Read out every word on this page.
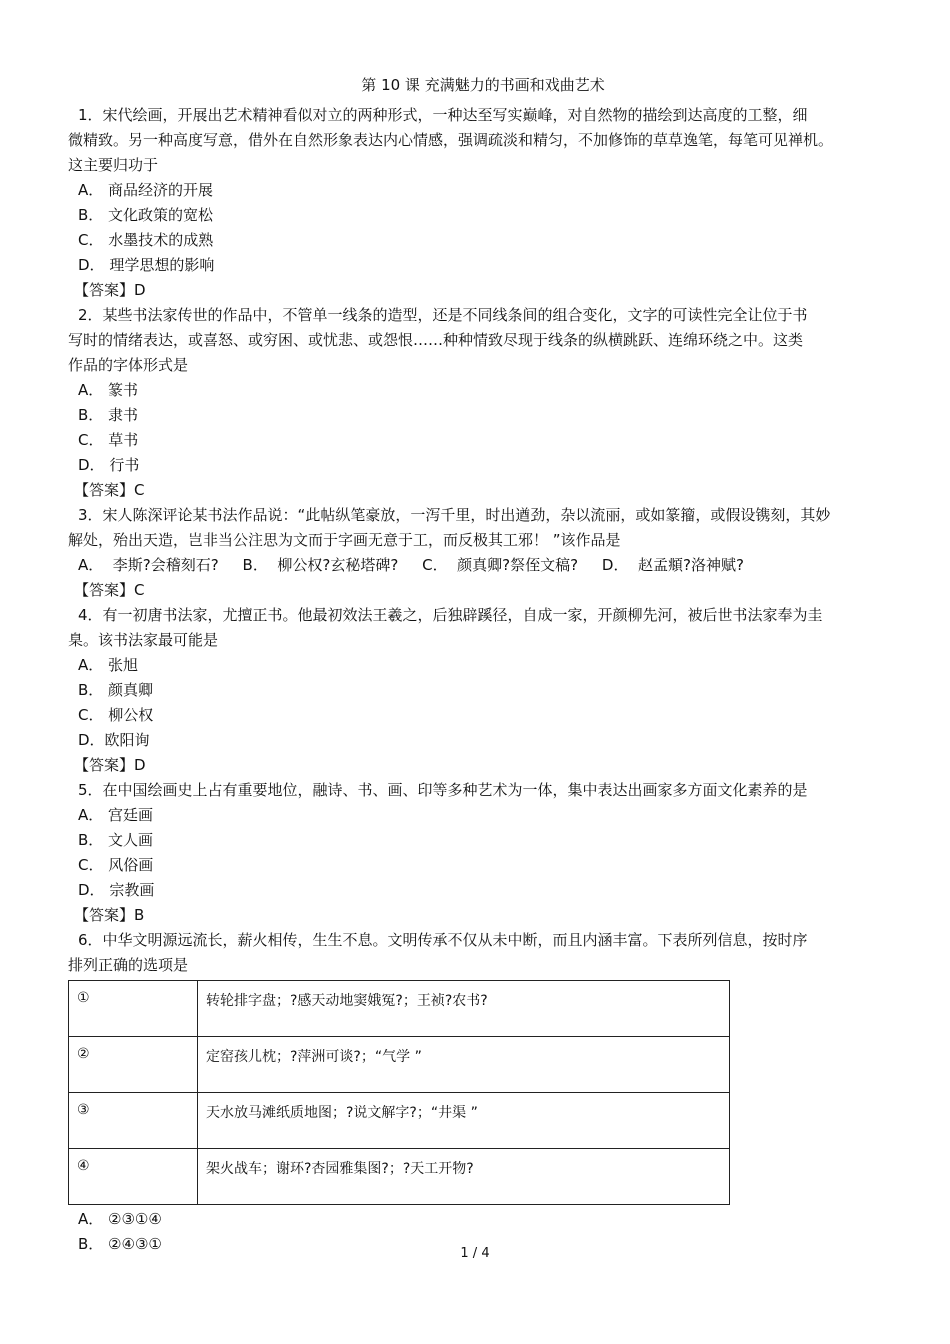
第 10 课 充满魅力的书画和戏曲艺术
1．宋代绘画，开展出艺术精神看似对立的两种形式，一种达至写实巅峰，对自然物的描绘到达高度的工整，细
微精致。另一种高度写意，借外在自然形象表达内心情感，强调疏淡和精匀，不加修饰的草草逸笔，每笔可见禅机。
这主要归功于
A． 商品经济的开展
B． 文化政策的宽松
C． 水墨技术的成熟
D． 理学思想的影响
【答案】D
2．某些书法家传世的作品中，不管单一线条的造型，还是不同线条间的组合变化，文字的可读性完全让位于书
写时的情绪表达，或喜怒、或穷困、或忧悲、或怨恨……种种情致尽现于线条的纵横跳跃、连绵环绕之中。这类
作品的字体形式是
A． 篆书
B． 隶书
C． 草书
D． 行书
【答案】C
3．宋人陈深评论某书法作品说：“此帖纵笔豪放，一泻千里，时出遒劲，杂以流丽，或如篆籀，或假设镌刻，其妙
解处，殆出天造，岂非当公注思为文而于字画无意于工，而反极其工邪！ ”该作品是
A．  李斯?会稽刻石?     B．  柳公权?玄秘塔碑?     C．  颜真卿?祭侄文稿?     D．  赵孟頫?洛神赋?
【答案】C
4．有一初唐书法家，尤擅正书。他最初效法王羲之，后独辟蹊径，自成一家，开颜柳先河，被后世书法家奉为圭
臬。该书法家最可能是
A． 张旭
B． 颜真卿
C． 柳公权
D．欧阳询
【答案】D
5．在中国绘画史上占有重要地位，融诗、书、画、印等多种艺术为一体，集中表达出画家多方面文化素养的是
A． 宫廷画
B． 文人画
C． 风俗画
D． 宗教画
【答案】B
6．中华文明源远流长，薪火相传，生生不息。文明传承不仅从未中断，而且内涵丰富。下表所列信息，按时序
排列正确的选项是
①	转轮排字盘；?感天动地窦娥冤?；王祯?农书?
②	定窑孩儿枕；?萍洲可谈?；“气学 ”
③	天水放马滩纸质地图；?说文解字?；“井渠 ”
④	架火战车；谢环?杏园雅集图?；?天工开物?
A． ②③①④
B． ②④③①
1 / 4
